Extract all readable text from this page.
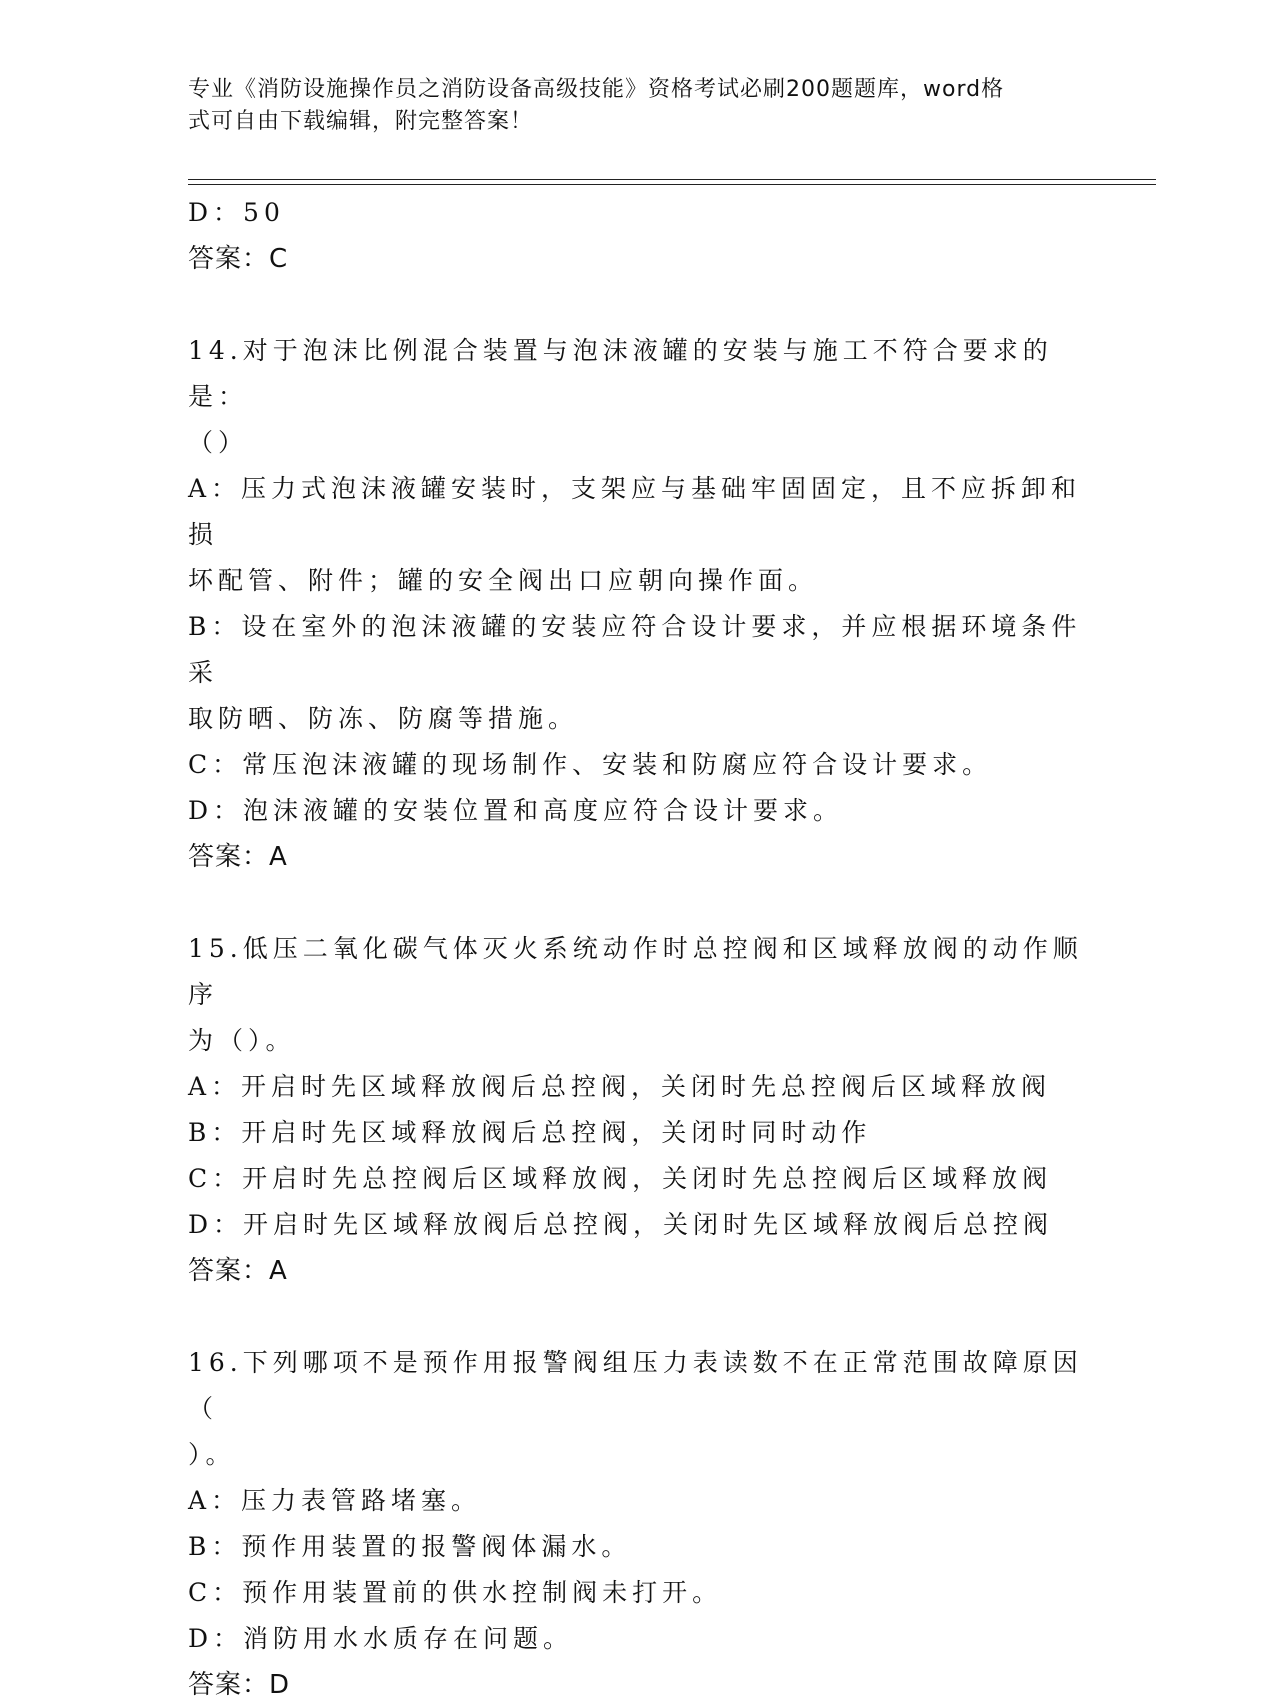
专业《消防设施操作员之消防设备高级技能》资格考试必刷200题题库，word格
式可自由下载编辑，附完整答案！
D：50
答案：C
14.对于泡沫比例混合装置与泡沫液罐的安装与施工不符合要求的是：
（）
A：压力式泡沫液罐安装时，支架应与基础牢固固定，且不应拆卸和损
坏配管、附件；罐的安全阀出口应朝向操作面。
B：设在室外的泡沫液罐的安装应符合设计要求，并应根据环境条件采
取防晒、防冻、防腐等措施。
C：常压泡沫液罐的现场制作、安装和防腐应符合设计要求。
D：泡沫液罐的安装位置和高度应符合设计要求。
答案：A
15.低压二氧化碳气体灭火系统动作时总控阀和区域释放阀的动作顺序
为（）。
A：开启时先区域释放阀后总控阀，关闭时先总控阀后区域释放阀
B：开启时先区域释放阀后总控阀，关闭时同时动作
C：开启时先总控阀后区域释放阀，关闭时先总控阀后区域释放阀
D：开启时先区域释放阀后总控阀，关闭时先区域释放阀后总控阀
答案：A
16.下列哪项不是预作用报警阀组压力表读数不在正常范围故障原因（
）。
A：压力表管路堵塞。
B：预作用装置的报警阀体漏水。
C：预作用装置前的供水控制阀未打开。
D：消防用水水质存在问题。
答案：D
